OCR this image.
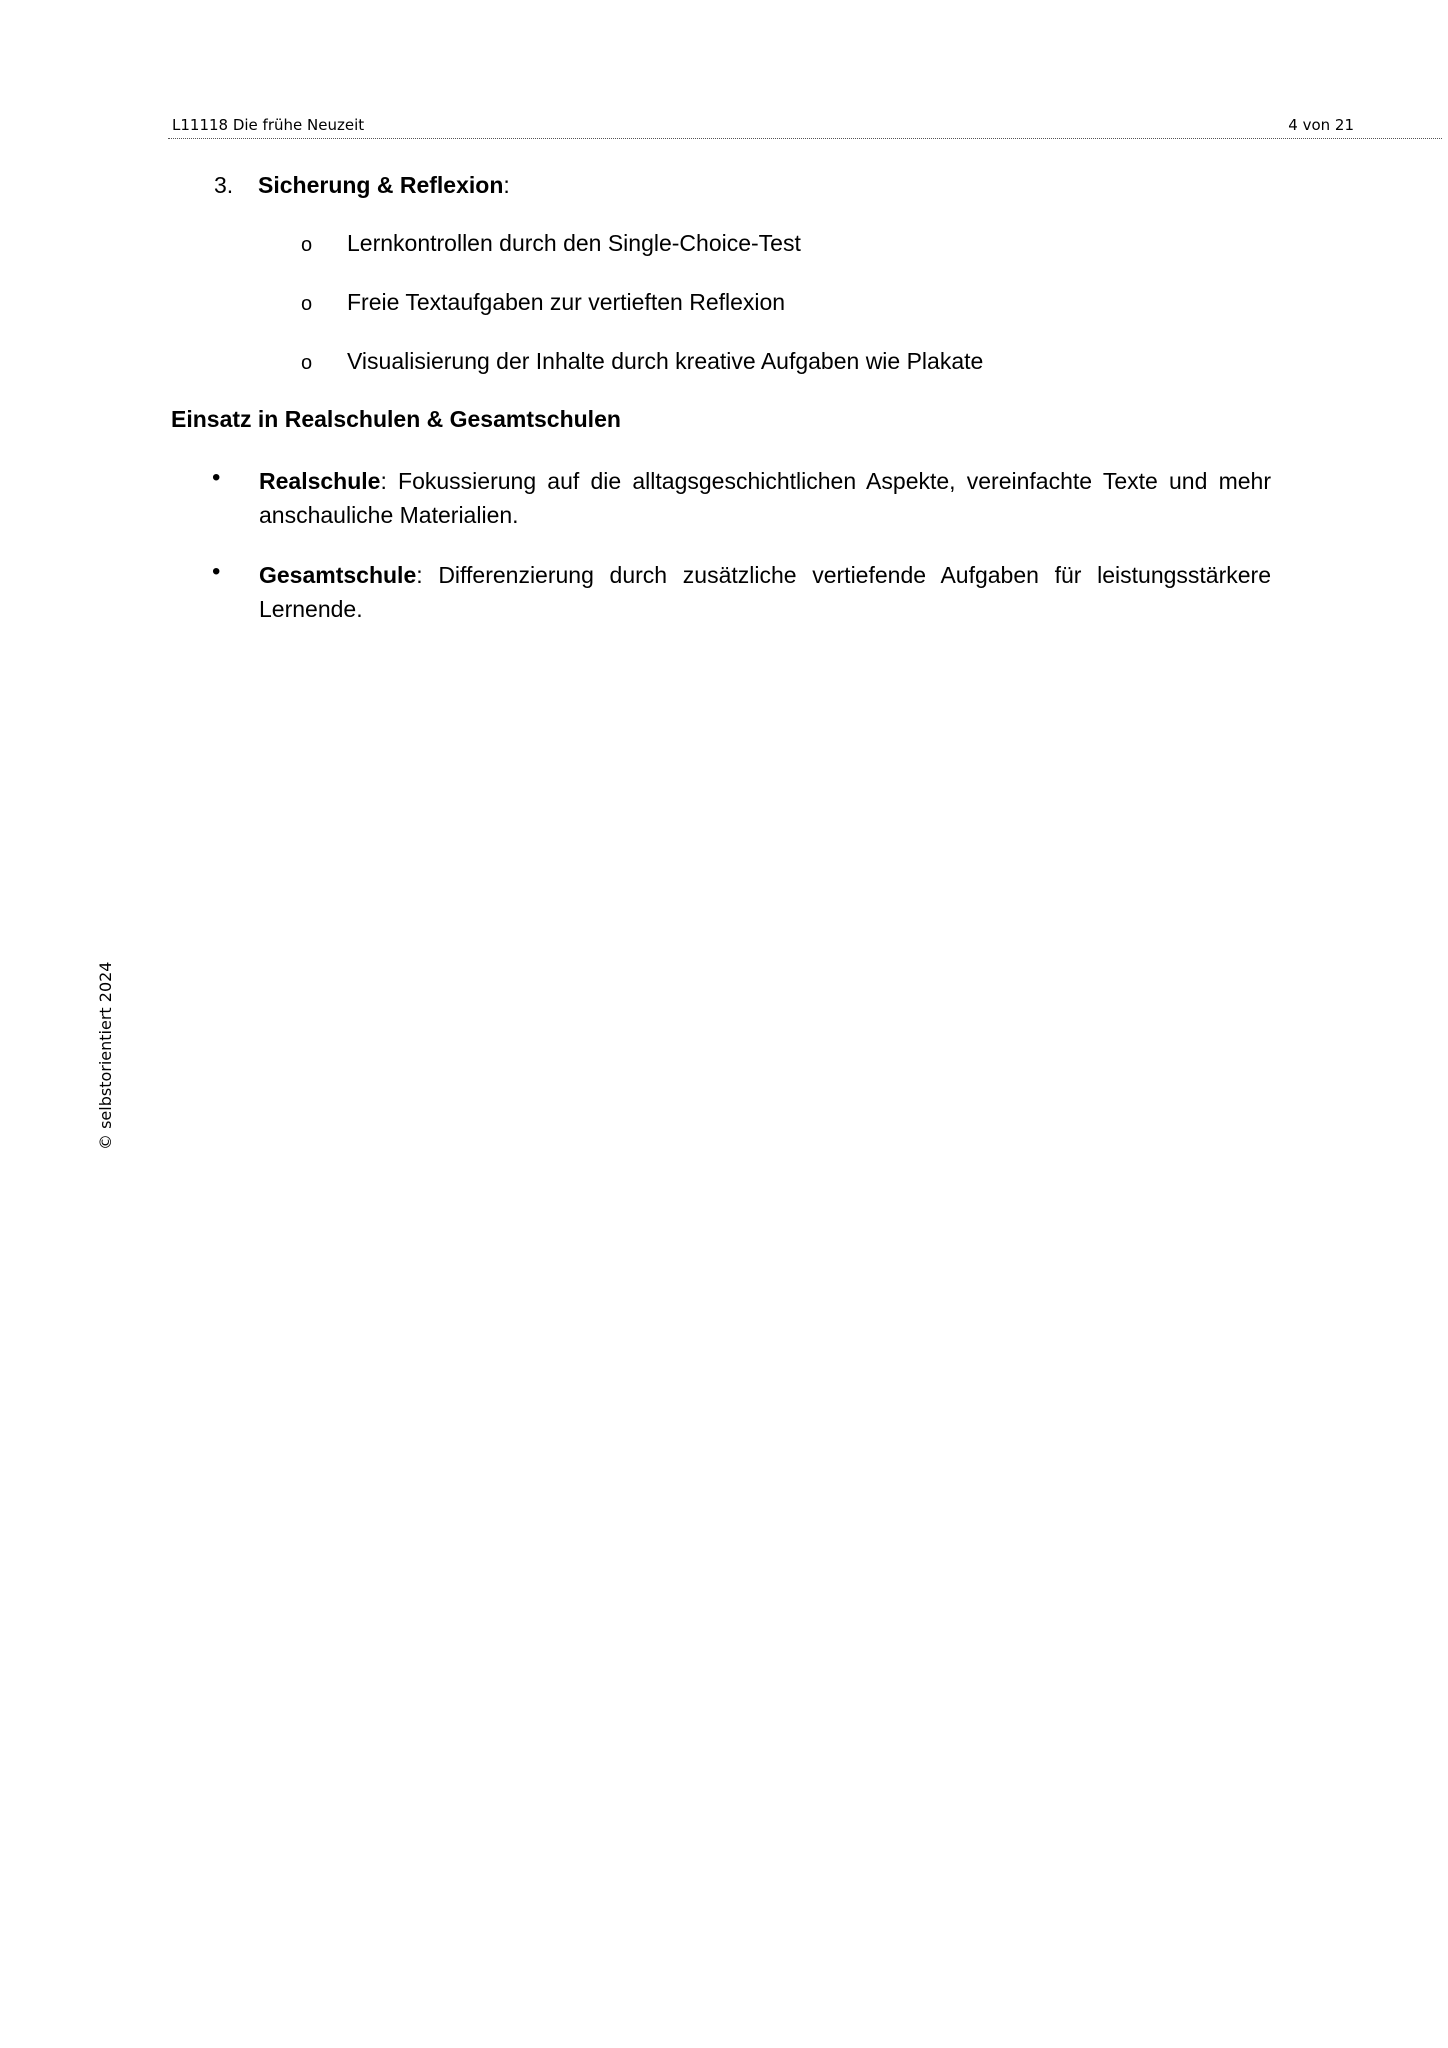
L11118 Die frühe Neuzeit	4 von 21
3. Sicherung & Reflexion:
o Lernkontrollen durch den Single-Choice-Test
o Freie Textaufgaben zur vertieften Reflexion
o Visualisierung der Inhalte durch kreative Aufgaben wie Plakate
Einsatz in Realschulen & Gesamtschulen
• Realschule: Fokussierung auf die alltagsgeschichtlichen Aspekte, vereinfachte Texte und mehr anschauliche Materialien.

• Gesamtschule: Differenzierung durch zusätzliche vertiefende Aufgaben für leistungsstärkere Lernende.

© selbstorientiert 2024
